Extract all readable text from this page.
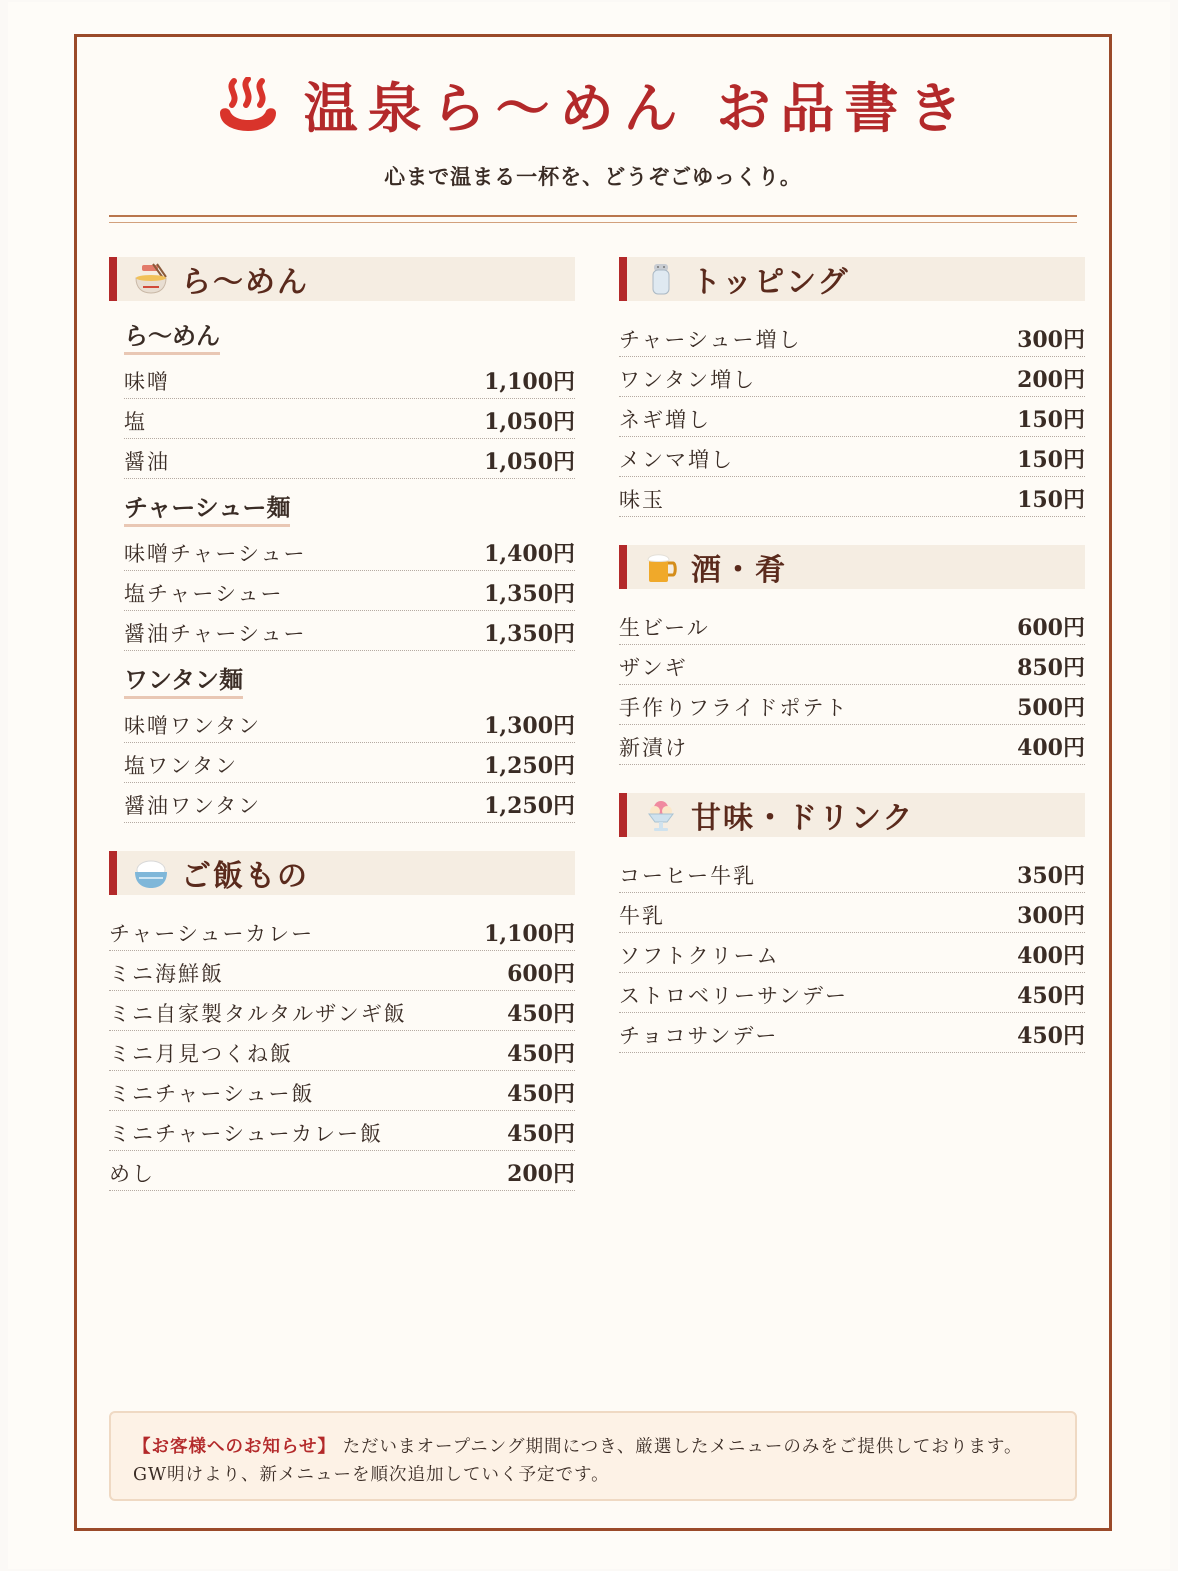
温泉ら〜めん お品書き
心まで温まる一杯を、どうぞごゆっくり。
ら〜めん
ら〜めん
味噌	1,100円
塩	1,050円
醤油	1,050円
チャーシュー麺
味噌チャーシュー	1,400円
塩チャーシュー	1,350円
醤油チャーシュー	1,350円
ワンタン麺
味噌ワンタン	1,300円
塩ワンタン	1,250円
醤油ワンタン	1,250円
ご飯もの
チャーシューカレー	1,100円
ミニ海鮮飯	600円
ミニ自家製タルタルザンギ飯	450円
ミニ月見つくね飯	450円
ミニチャーシュー飯	450円
ミニチャーシューカレー飯	450円
めし	200円
トッピング
チャーシュー増し	300円
ワンタン増し	200円
ネギ増し	150円
メンマ増し	150円
味玉	150円
酒・肴
生ビール	600円
ザンギ	850円
手作りフライドポテト	500円
新漬け	400円
甘味・ドリンク
コーヒー牛乳	350円
牛乳	300円
ソフトクリーム	400円
ストロベリーサンデー	450円
チョコサンデー	450円
【お客様へのお知らせ】 ただいまオープニング期間につき、厳選したメニューのみをご提供しております。 GW明けより、新メニューを順次追加していく予定です。
